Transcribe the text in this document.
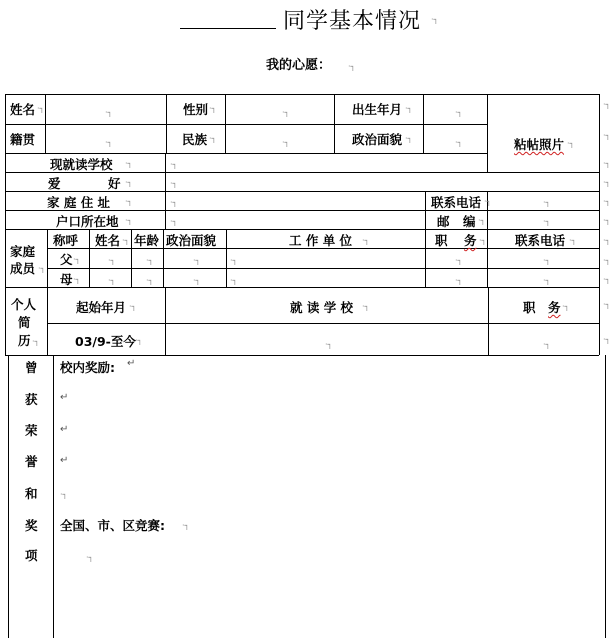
同学基本情况 ·┐
我的心愿： ·┐
姓名 ·┐	·┐	性别 ·┐	·┐	出生年月 ·┐	·┐
粘帖照片 ·┐
籍贯	·┐	民族 ·┐	·┐	政治面貌 ·┐	·┐
现就读学校 ·┐	·┐
爱	好 ·┐	·┐
家 庭 住 址 ·┐	·┐	联系电话 ·┐	·┐
户口所在地 ·┐	·┐	邮 编 ·┐	·┐
家庭
成员 ·┐
称呼 姓名 ·┐ 年龄 政治面貌	工 作 单 位 ·┐	职 务 ·┐ 联系电话 ·┐
父 ·┐	·┐	·┐	·┐	·┐	·┐	·┐
母 ·┐	·┐	·┐	·┐	·┐	·┐	·┐
个人
简
历 ·┐
起始年月 ·┐	就 读 学 校 ·┐	职 务 ·┐
03/9-至今 ·┐	·┐	·┐
曾
获
荣
誉
和
奖
项
校内奖励: ↵
↵
↵
↵
·┐
全国、市、区竞赛: ·┐
·┐
·┐
·┐
·┐
·┐
·┐
·┐
·┐
·┐
·┐
·┐
·┐
